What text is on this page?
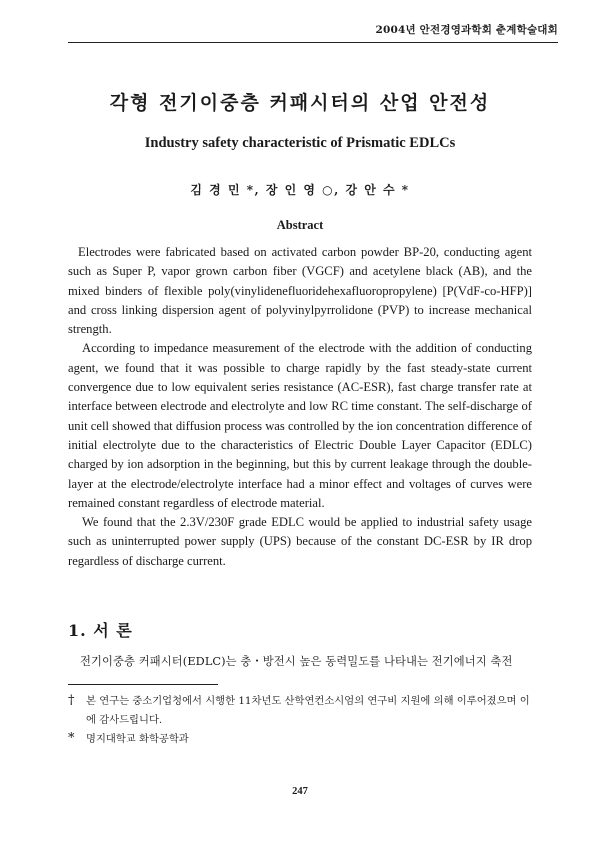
2004년 안전경영과학회 춘계학술대회
각형 전기이중층 커패시터의 산업 안전성
Industry safety characteristic of Prismatic EDLCs
김 경 민 *, 장 인 영 ○, 강 안 수 *
Abstract

Electrodes were fabricated based on activated carbon powder BP-20, conducting agent such as Super P, vapor grown carbon fiber (VGCF) and acetylene black (AB), and the mixed binders of flexible poly(vinylidenefluoridehexafluoropropylene) [P(VdF-co-HFP)] and cross linking dispersion agent of polyvinylpyrrolidone (PVP) to increase mechanical strength.

According to impedance measurement of the electrode with the addition of conducting agent, we found that it was possible to charge rapidly by the fast steady-state current convergence due to low equivalent series resistance (AC-ESR), fast charge transfer rate at interface between electrode and electrolyte and low RC time constant. The self-discharge of unit cell showed that diffusion process was controlled by the ion concentration difference of initial electrolyte due to the characteristics of Electric Double Layer Capacitor (EDLC) charged by ion adsorption in the beginning, but this by current leakage through the double-layer at the electrode/electrolyte interface had a minor effect and voltages of curves were remained constant regardless of electrode material.

We found that the 2.3V/230F grade EDLC would be applied to industrial safety usage such as uninterrupted power supply (UPS) because of the constant DC-ESR by IR drop regardless of discharge current.

1. 서 론
전기이중층 커패시터(EDLC)는 충・방전시 높은 동력밀도를 나타내는 전기에너지 축전
†	본 연구는 중소기업청에서 시행한 11차년도 산학연컨소시엄의 연구비 지원에 의해 이루어졌으며 이에 감사드립니다.
*	명지대학교 화학공학과
247
